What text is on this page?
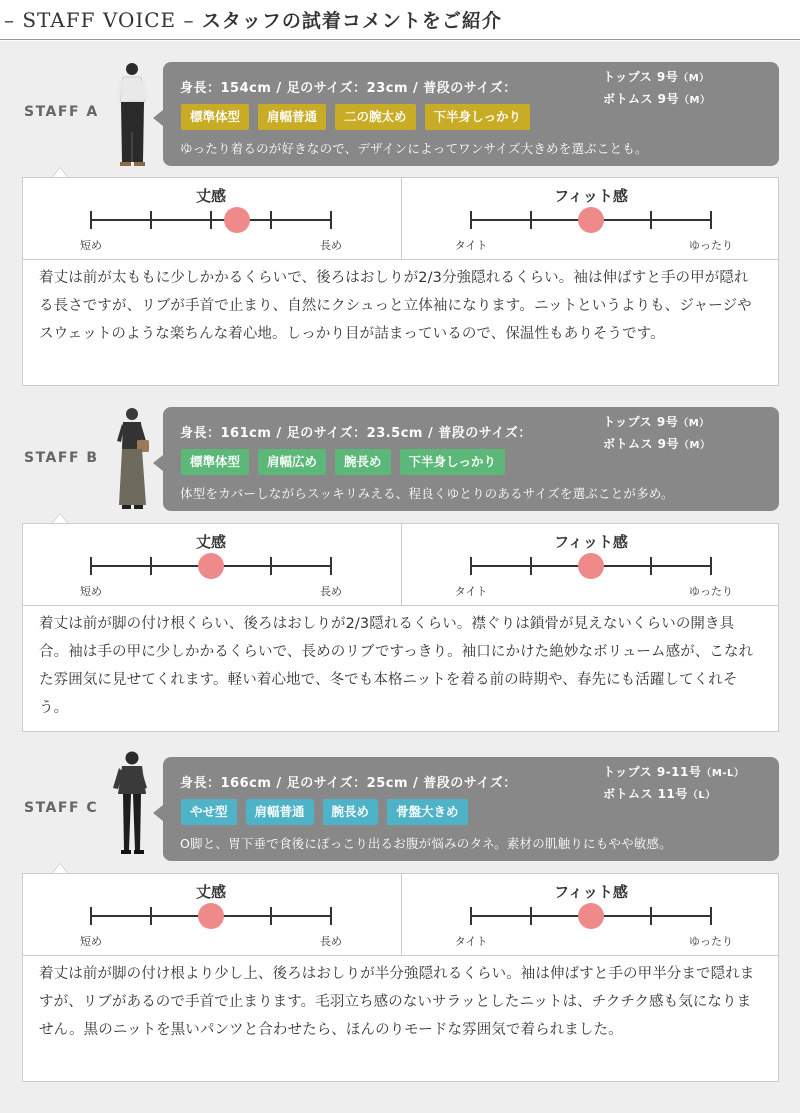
– STAFF VOICE – スタッフの試着コメントをご紹介
STAFF A
身長：154cm / 足のサイズ：23cm / 普段のサイズ：
トップス 9号（M）
ボトムス 9号（M）
標準体型	肩幅普通	二の腕太め	下半身しっかり
ゆったり着るのが好きなので、デザインによってワンサイズ大きめを選ぶことも。
丈感
短め	長め
フィット感
タイト	ゆったり
着丈は前が太ももに少しかかるくらいで、後ろはおしりが2/3分強隠れるくらい。袖は伸ばすと手の甲が隠れる長さですが、リブが手首で止まり、自然にクシュっと立体袖になります。ニットというよりも、ジャージやスウェットのような楽ちんな着心地。しっかり目が詰まっているので、保温性もありそうです。
STAFF B
身長：161cm / 足のサイズ：23.5cm / 普段のサイズ：
トップス 9号（M）
ボトムス 9号（M）
標準体型	肩幅広め	腕長め	下半身しっかり
体型をカバーしながらスッキリみえる、程良くゆとりのあるサイズを選ぶことが多め。
丈感
短め	長め
フィット感
タイト	ゆったり
着丈は前が脚の付け根くらい、後ろはおしりが2/3隠れるくらい。襟ぐりは鎖骨が見えないくらいの開き具合。袖は手の甲に少しかかるくらいで、長めのリブですっきり。袖口にかけた絶妙なボリューム感が、こなれた雰囲気に見せてくれます。軽い着心地で、冬でも本格ニットを着る前の時期や、春先にも活躍してくれそう。
STAFF C
身長：166cm / 足のサイズ：25cm / 普段のサイズ：
トップス 9-11号（M-L）
ボトムス 11号（L）
やせ型	肩幅普通	腕長め	骨盤大きめ
O脚と、胃下垂で食後にぽっこり出るお腹が悩みのタネ。素材の肌触りにもやや敏感。
丈感
短め	長め
フィット感
タイト	ゆったり
着丈は前が脚の付け根より少し上、後ろはおしりが半分強隠れるくらい。袖は伸ばすと手の甲半分まで隠れますが、リブがあるので手首で止まります。毛羽立ち感のないサラッとしたニットは、チクチク感も気になりません。黒のニットを黒いパンツと合わせたら、ほんのりモードな雰囲気で着られました。
